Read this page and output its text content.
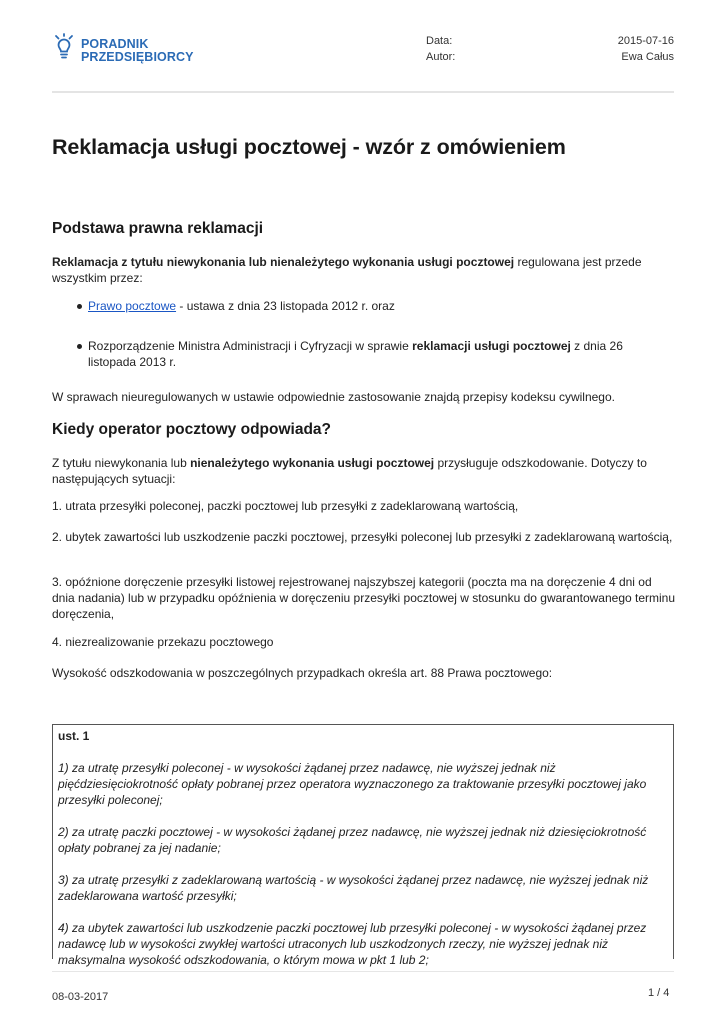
PORADNIK
PRZEDSIĘBIORCY
Data:	2015-07-16
Autor:	Ewa Całus
Reklamacja usługi pocztowej - wzór z omówieniem
Podstawa prawna reklamacji

Reklamacja z tytułu niewykonania lub nienależytego wykonania usługi pocztowej regulowana jest przede wszystkim przez:

Prawo pocztowe - ustawa z dnia 23 listopada 2012 r. oraz
Rozporządzenie Ministra Administracji i Cyfryzacji w sprawie reklamacji usługi pocztowej z dnia 26 listopada 2013 r.

W sprawach nieuregulowanych w ustawie odpowiednie zastosowanie znajdą przepisy kodeksu cywilnego.

Kiedy operator pocztowy odpowiada?

Z tytułu niewykonania lub nienależytego wykonania usługi pocztowej przysługuje odszkodowanie. Dotyczy to następujących sytuacji:

1. utrata przesyłki poleconej, paczki pocztowej lub przesyłki z zadeklarowaną wartością,

2. ubytek zawartości lub uszkodzenie paczki pocztowej, przesyłki poleconej lub przesyłki z zadeklarowaną wartością,

3. opóźnione doręczenie przesyłki listowej rejestrowanej najszybszej kategorii (poczta ma na doręczenie 4 dni od dnia nadania) lub w przypadku opóźnienia w doręczeniu przesyłki pocztowej w stosunku do gwarantowanego terminu doręczenia,

4. niezrealizowanie przekazu pocztowego

Wysokość odszkodowania w poszczególnych przypadkach określa art. 88 Prawa pocztowego:

ust. 1

1) za utratę przesyłki poleconej - w wysokości żądanej przez nadawcę, nie wyższej jednak niż pięćdziesięciokrotność opłaty pobranej przez operatora wyznaczonego za traktowanie przesyłki pocztowej jako przesyłki poleconej;

2) za utratę paczki pocztowej - w wysokości żądanej przez nadawcę, nie wyższej jednak niż dziesięciokrotność opłaty pobranej za jej nadanie;

3) za utratę przesyłki z zadeklarowaną wartością - w wysokości żądanej przez nadawcę, nie wyższej jednak niż zadeklarowana wartość przesyłki;

4) za ubytek zawartości lub uszkodzenie paczki pocztowej lub przesyłki poleconej - w wysokości żądanej przez nadawcę lub w wysokości zwykłej wartości utraconych lub uszkodzonych rzeczy, nie wyższej jednak niż maksymalna wysokość odszkodowania, o którym mowa w pkt 1 lub 2;

08-03-2017	1 / 4
